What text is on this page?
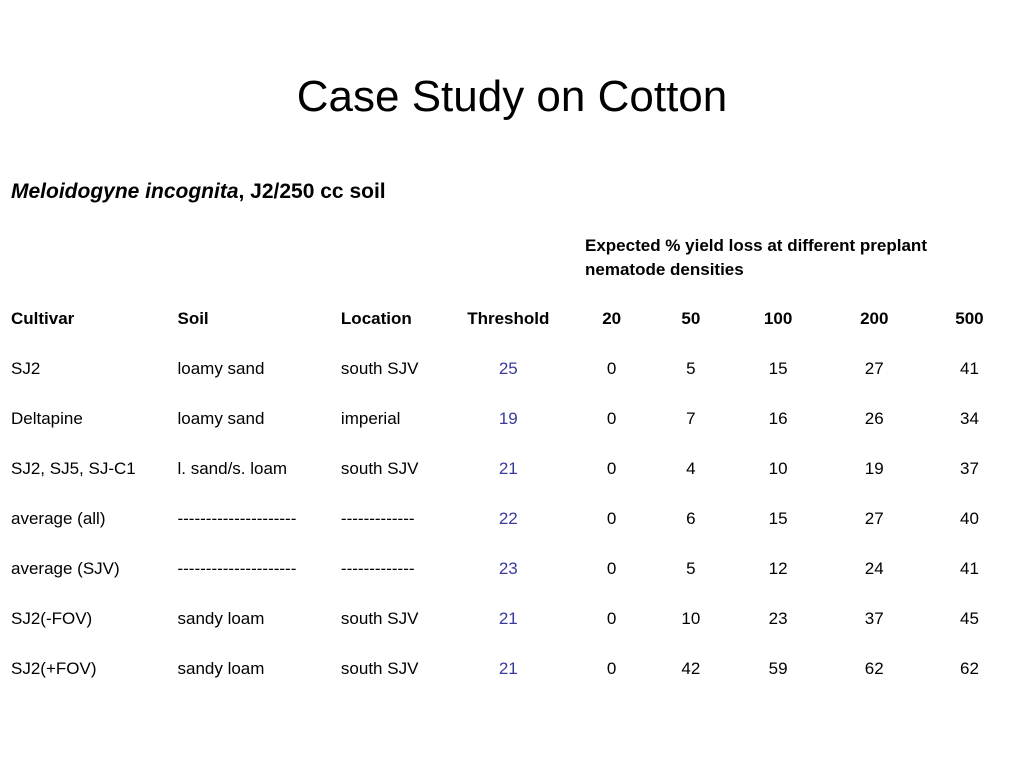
Case Study on Cotton
Meloidogyne incognita, J2/250 cc soil
Expected % yield loss at different preplant nematode densities
Cultivar	Soil	Location	Threshold	20	50	100	200	500
SJ2	loamy sand	south SJV	25	0	5	15	27	41
Deltapine	loamy sand	imperial	19	0	7	16	26	34
SJ2, SJ5, SJ-C1	l. sand/s. loam	south SJV	21	0	4	10	19	37
average (all)	---------------------	-------------	22	0	6	15	27	40
average (SJV)	---------------------	-------------	23	0	5	12	24	41
SJ2(-FOV)	sandy loam	south SJV	21	0	10	23	37	45
SJ2(+FOV)	sandy loam	south SJV	21	0	42	59	62	62
